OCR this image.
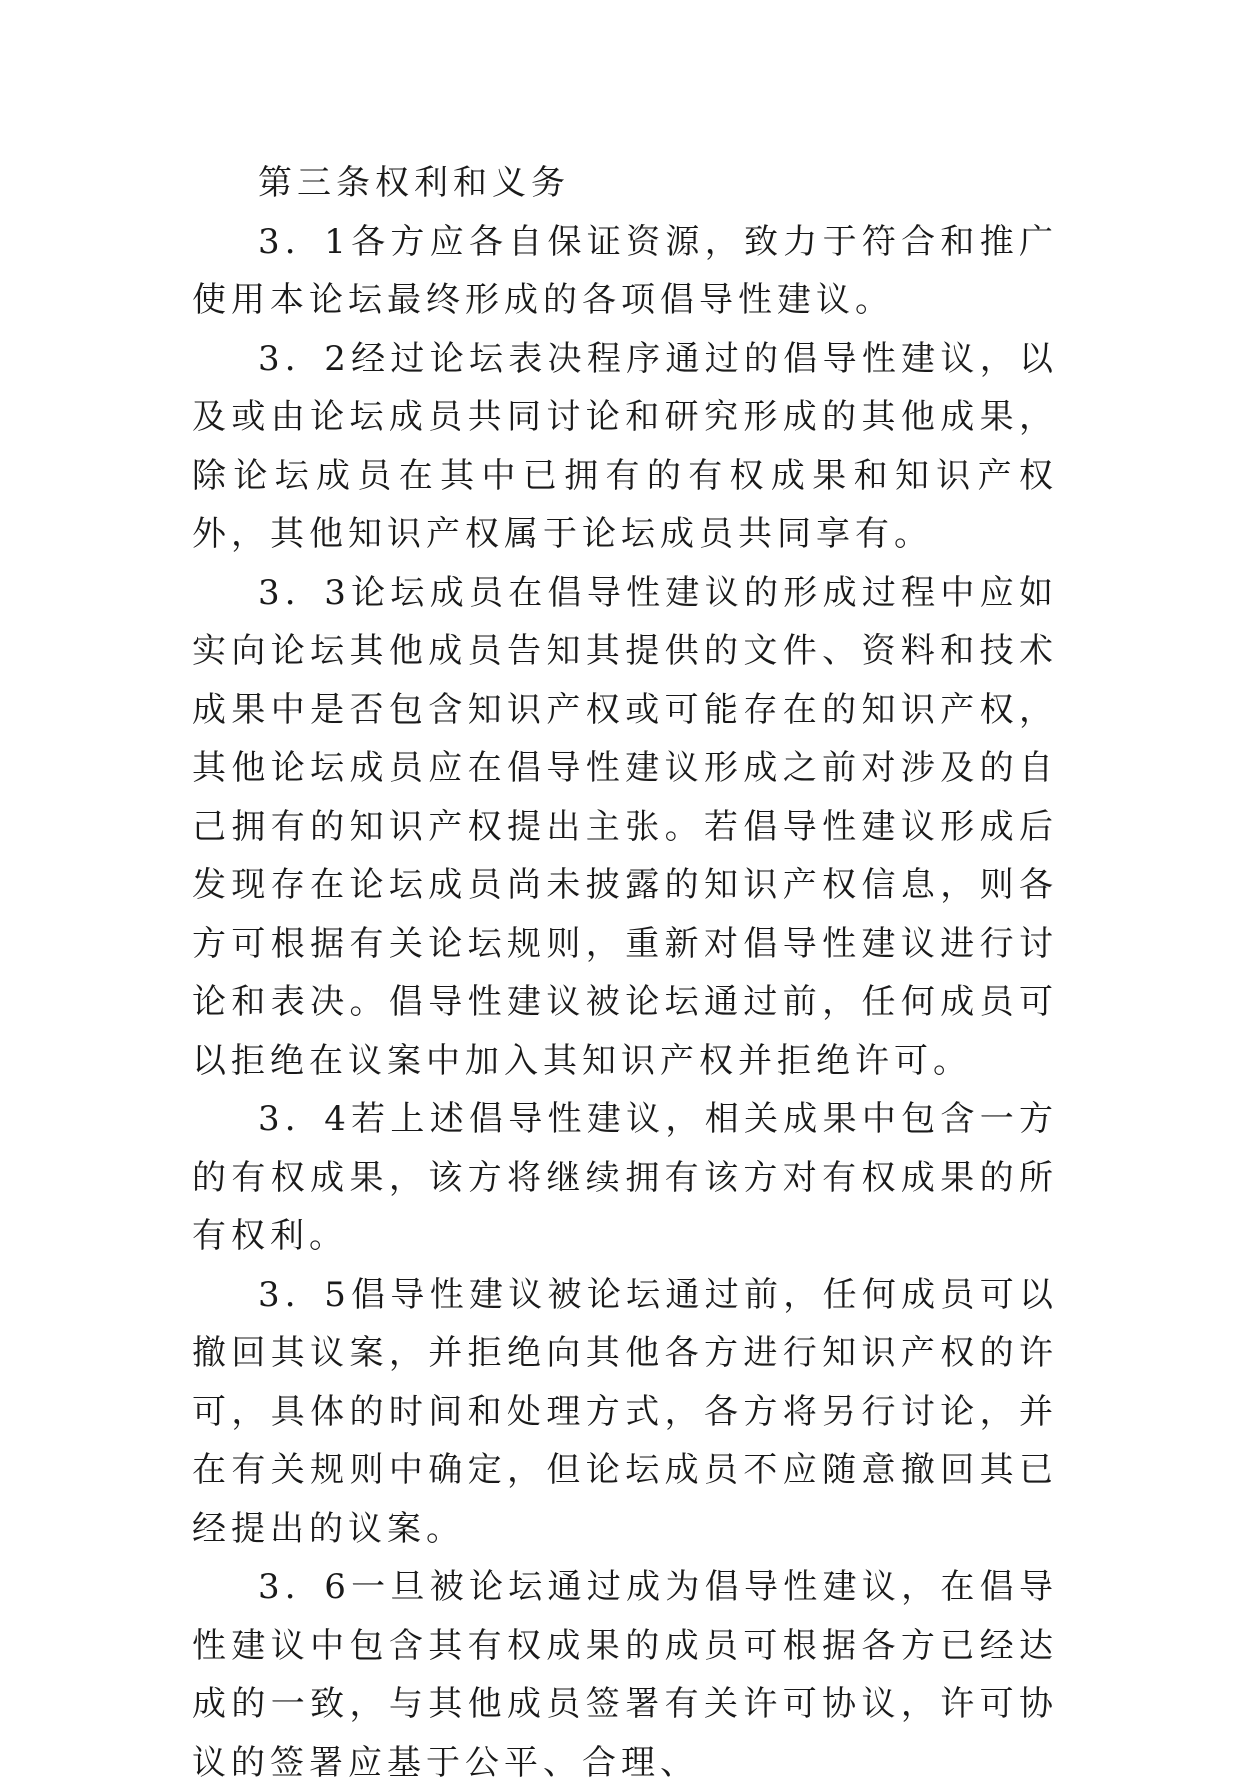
第三条权利和义务

3．1各方应各自保证资源，致力于符合和推广使用本论坛最终形成的各项倡导性建议。

3．2经过论坛表决程序通过的倡导性建议，以及或由论坛成员共同讨论和研究形成的其他成果，除论坛成员在其中已拥有的有权成果和知识产权外，其他知识产权属于论坛成员共同享有。

3．3论坛成员在倡导性建议的形成过程中应如实向论坛其他成员告知其提供的文件、资料和技术成果中是否包含知识产权或可能存在的知识产权，其他论坛成员应在倡导性建议形成之前对涉及的自己拥有的知识产权提出主张。若倡导性建议形成后发现存在论坛成员尚未披露的知识产权信息，则各方可根据有关论坛规则，重新对倡导性建议进行讨论和表决。倡导性建议被论坛通过前，任何成员可以拒绝在议案中加入其知识产权并拒绝许可。

3．4若上述倡导性建议，相关成果中包含一方的有权成果，该方将继续拥有该方对有权成果的所有权利。

3．5倡导性建议被论坛通过前，任何成员可以撤回其议案，并拒绝向其他各方进行知识产权的许可，具体的时间和处理方式，各方将另行讨论，并在有关规则中确定，但论坛成员不应随意撤回其已经提出的议案。

3．6一旦被论坛通过成为倡导性建议，在倡导性建议中包含其有权成果的成员可根据各方已经达成的一致，与其他成员签署有关许可协议，许可协议的签署应基于公平、合理、
